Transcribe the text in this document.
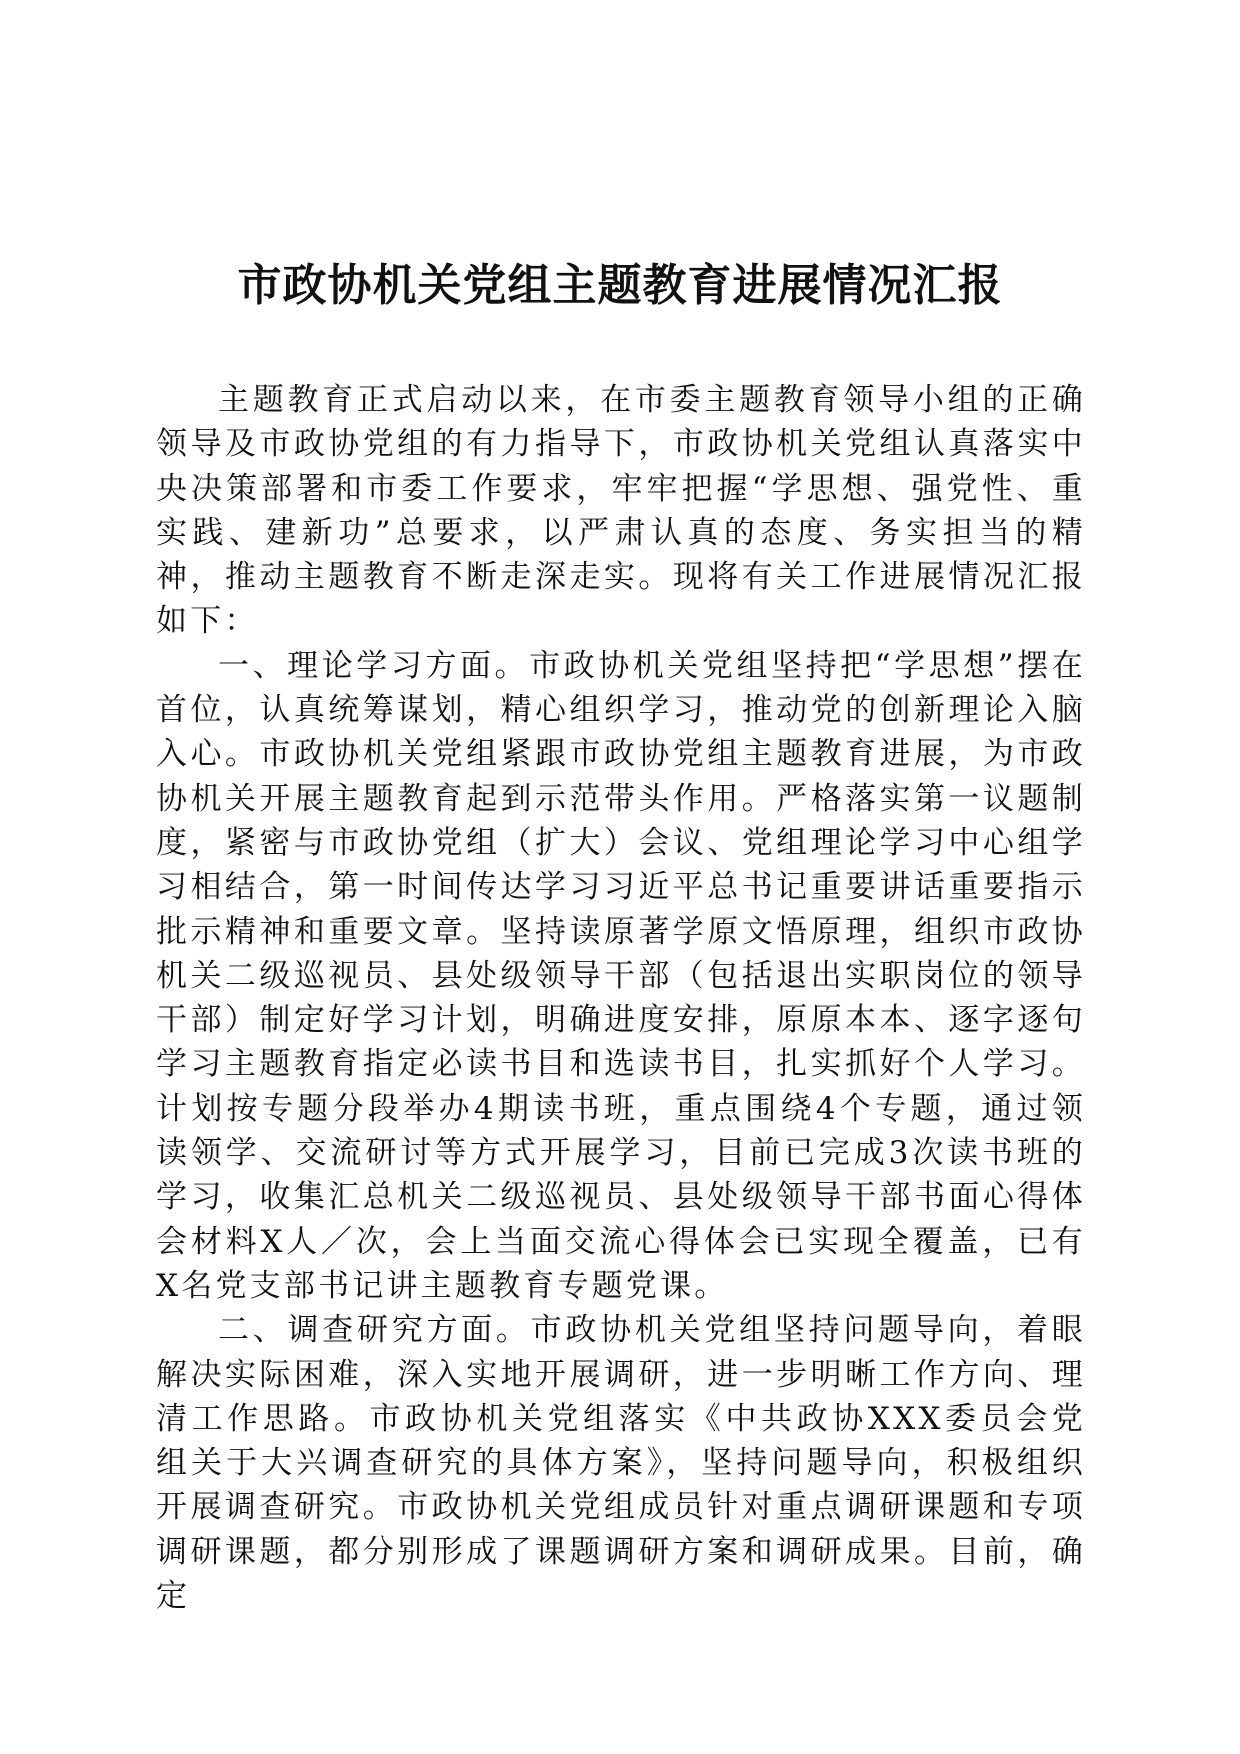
市政协机关党组主题教育进展情况汇报

主题教育正式启动以来，在市委主题教育领导小组的正确领导及市政协党组的有力指导下，市政协机关党组认真落实中央决策部署和市委工作要求，牢牢把握“学思想、强党性、重实践、建新功”总要求，以严肃认真的态度、务实担当的精神，推动主题教育不断走深走实。现将有关工作进展情况汇报如下：

一、理论学习方面。市政协机关党组坚持把“学思想”摆在首位，认真统筹谋划，精心组织学习，推动党的创新理论入脑入心。市政协机关党组紧跟市政协党组主题教育进展，为市政协机关开展主题教育起到示范带头作用。严格落实第一议题制度，紧密与市政协党组（扩大）会议、党组理论学习中心组学习相结合，第一时间传达学习习近平总书记重要讲话重要指示批示精神和重要文章。坚持读原著学原文悟原理，组织市政协机关二级巡视员、县处级领导干部（包括退出实职岗位的领导干部）制定好学习计划，明确进度安排，原原本本、逐字逐句学习主题教育指定必读书目和选读书目，扎实抓好个人学习。计划按专题分段举办4期读书班，重点围绕4个专题，通过领读领学、交流研讨等方式开展学习，目前已完成3次读书班的学习，收集汇总机关二级巡视员、县处级领导干部书面心得体会材料X人／次，会上当面交流心得体会已实现全覆盖，已有X名党支部书记讲主题教育专题党课。

二、调查研究方面。市政协机关党组坚持问题导向，着眼解决实际困难，深入实地开展调研，进一步明晰工作方向、理清工作思路。市政协机关党组落实《中共政协XXX委员会党组关于大兴调查研究的具体方案》，坚持问题导向，积极组织开展调查研究。市政协机关党组成员针对重点调研课题和专项调研课题，都分别形成了课题调研方案和调研成果。目前，确定
